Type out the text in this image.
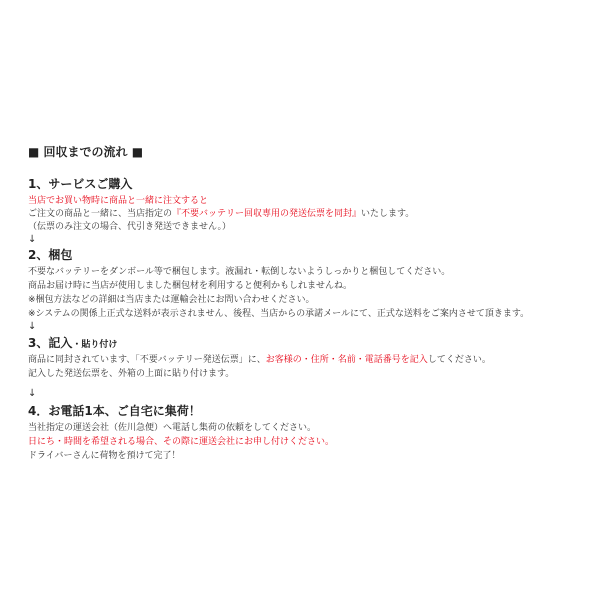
■ 回収までの流れ ■
1、サービスご購入
当店でお買い物時に商品と一緒に注文すると
ご注文の商品と一緒に、当店指定の『不要バッテリー回収専用の発送伝票を同封』いたします。
（伝票のみ注文の場合、代引き発送できません。）
↓
2、梱包
不要なバッテリーをダンボール等で梱包します。液漏れ・転倒しないようしっかりと梱包してください。
商品お届け時に当店が使用しました梱包材を利用すると便利かもしれませんね。
※梱包方法などの詳細は当店または運輸会社にお問い合わせください。
※システムの関係上正式な送料が表示されません、後程、当店からの承諾メールにて、正式な送料をご案内させて頂きます。
↓
3、記入・貼り付け
商品に同封されています、「不要バッテリー発送伝票」に、お客様の・住所・名前・電話番号を記入してください。
記入した発送伝票を、外箱の上面に貼り付けます。
↓
4．お電話1本、ご自宅に集荷！
当社指定の運送会社（佐川急便）へ電話し集荷の依頼をしてください。
日にち・時間を希望される場合、その際に運送会社にお申し付けください。
ドライバーさんに荷物を預けて完了！
